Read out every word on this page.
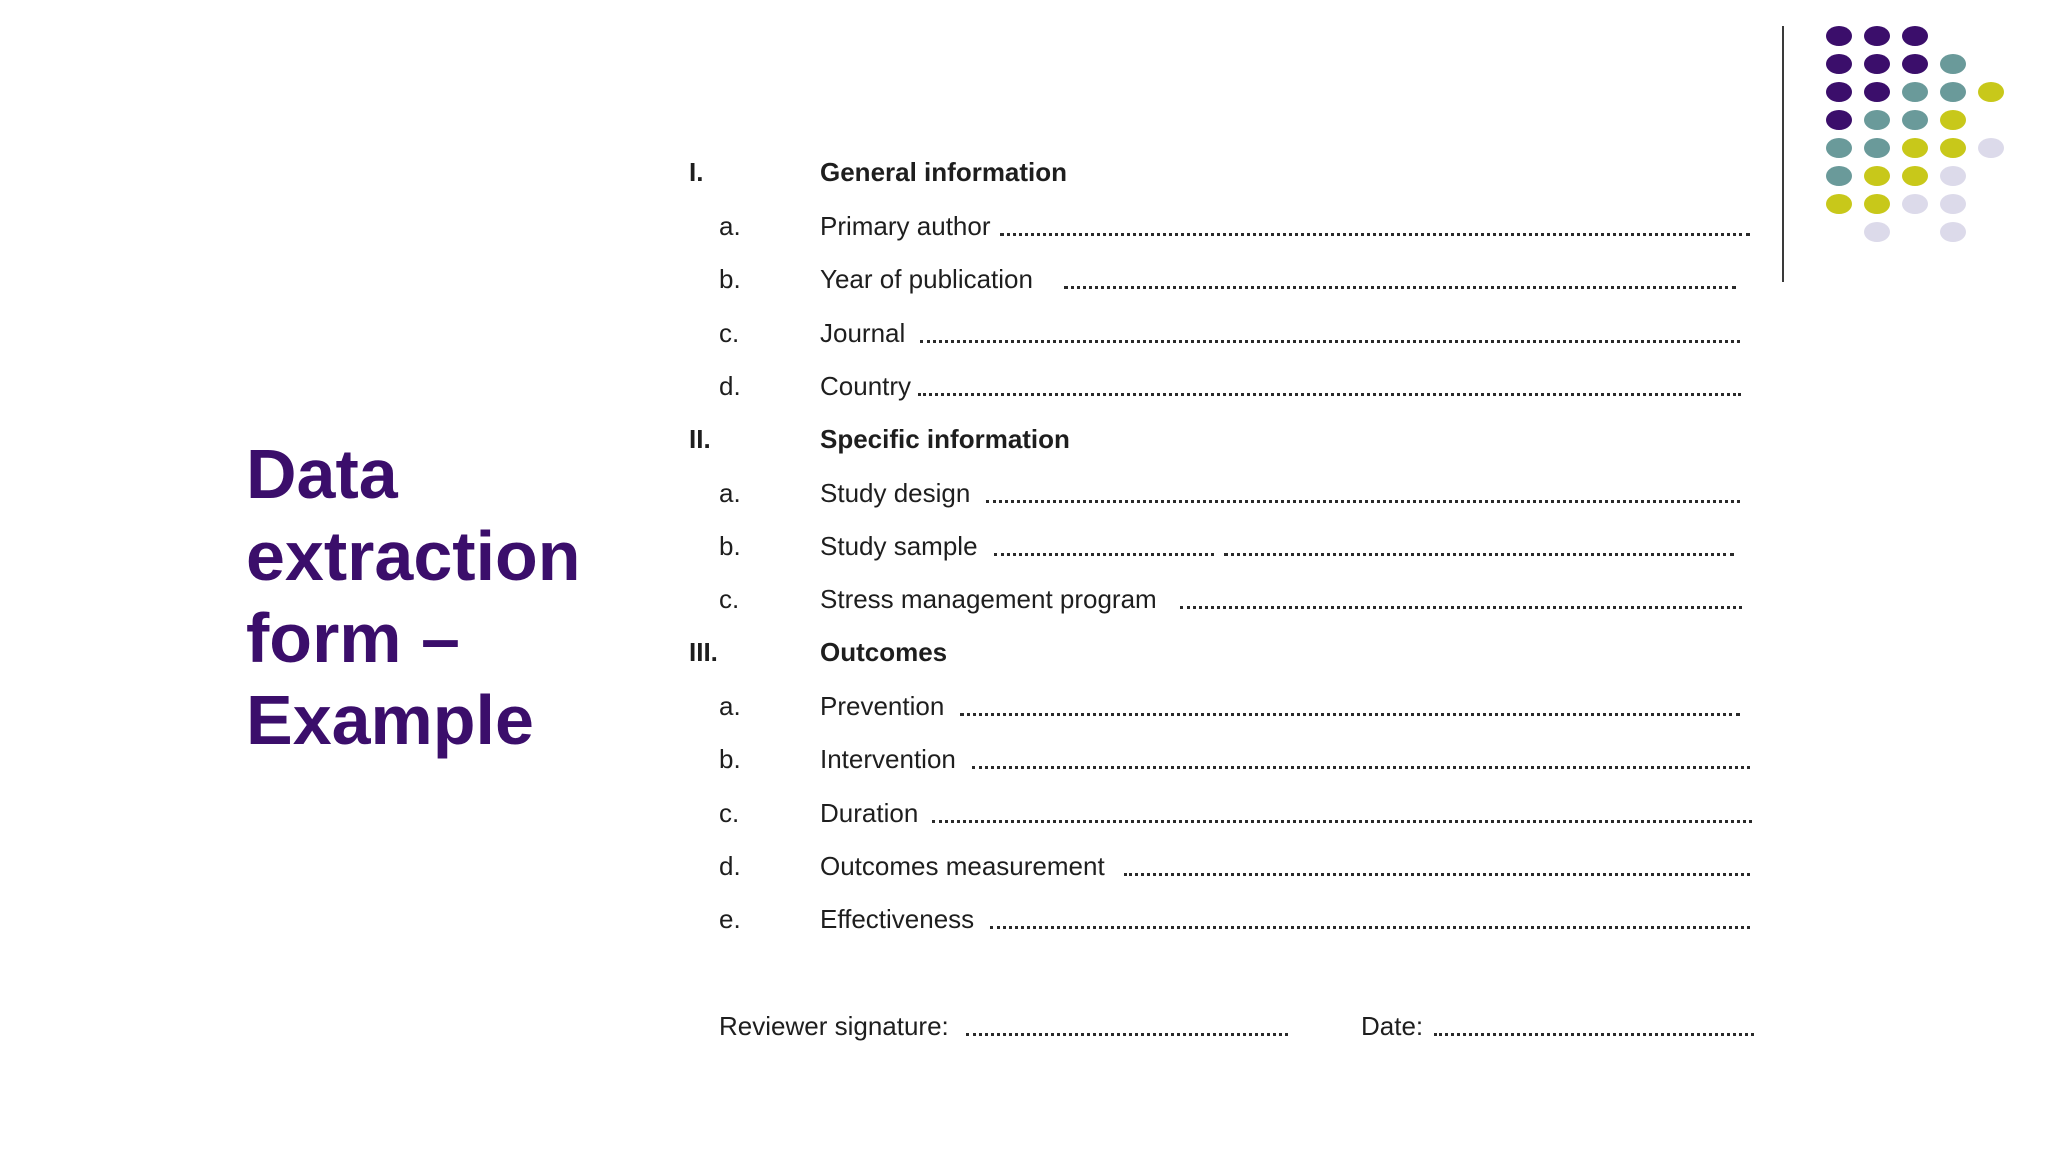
Data
extraction
form –
Example
I.	General information
a.	Primary author
b.	Year of publication
c.	Journal
d.	Country
II.	Specific information
a.	Study design
b.	Study sample
c.	Stress management program
III.	Outcomes
a.	Prevention
b.	Intervention
c.	Duration
d.	Outcomes measurement
e.	Effectiveness
Reviewer signature:	Date:
